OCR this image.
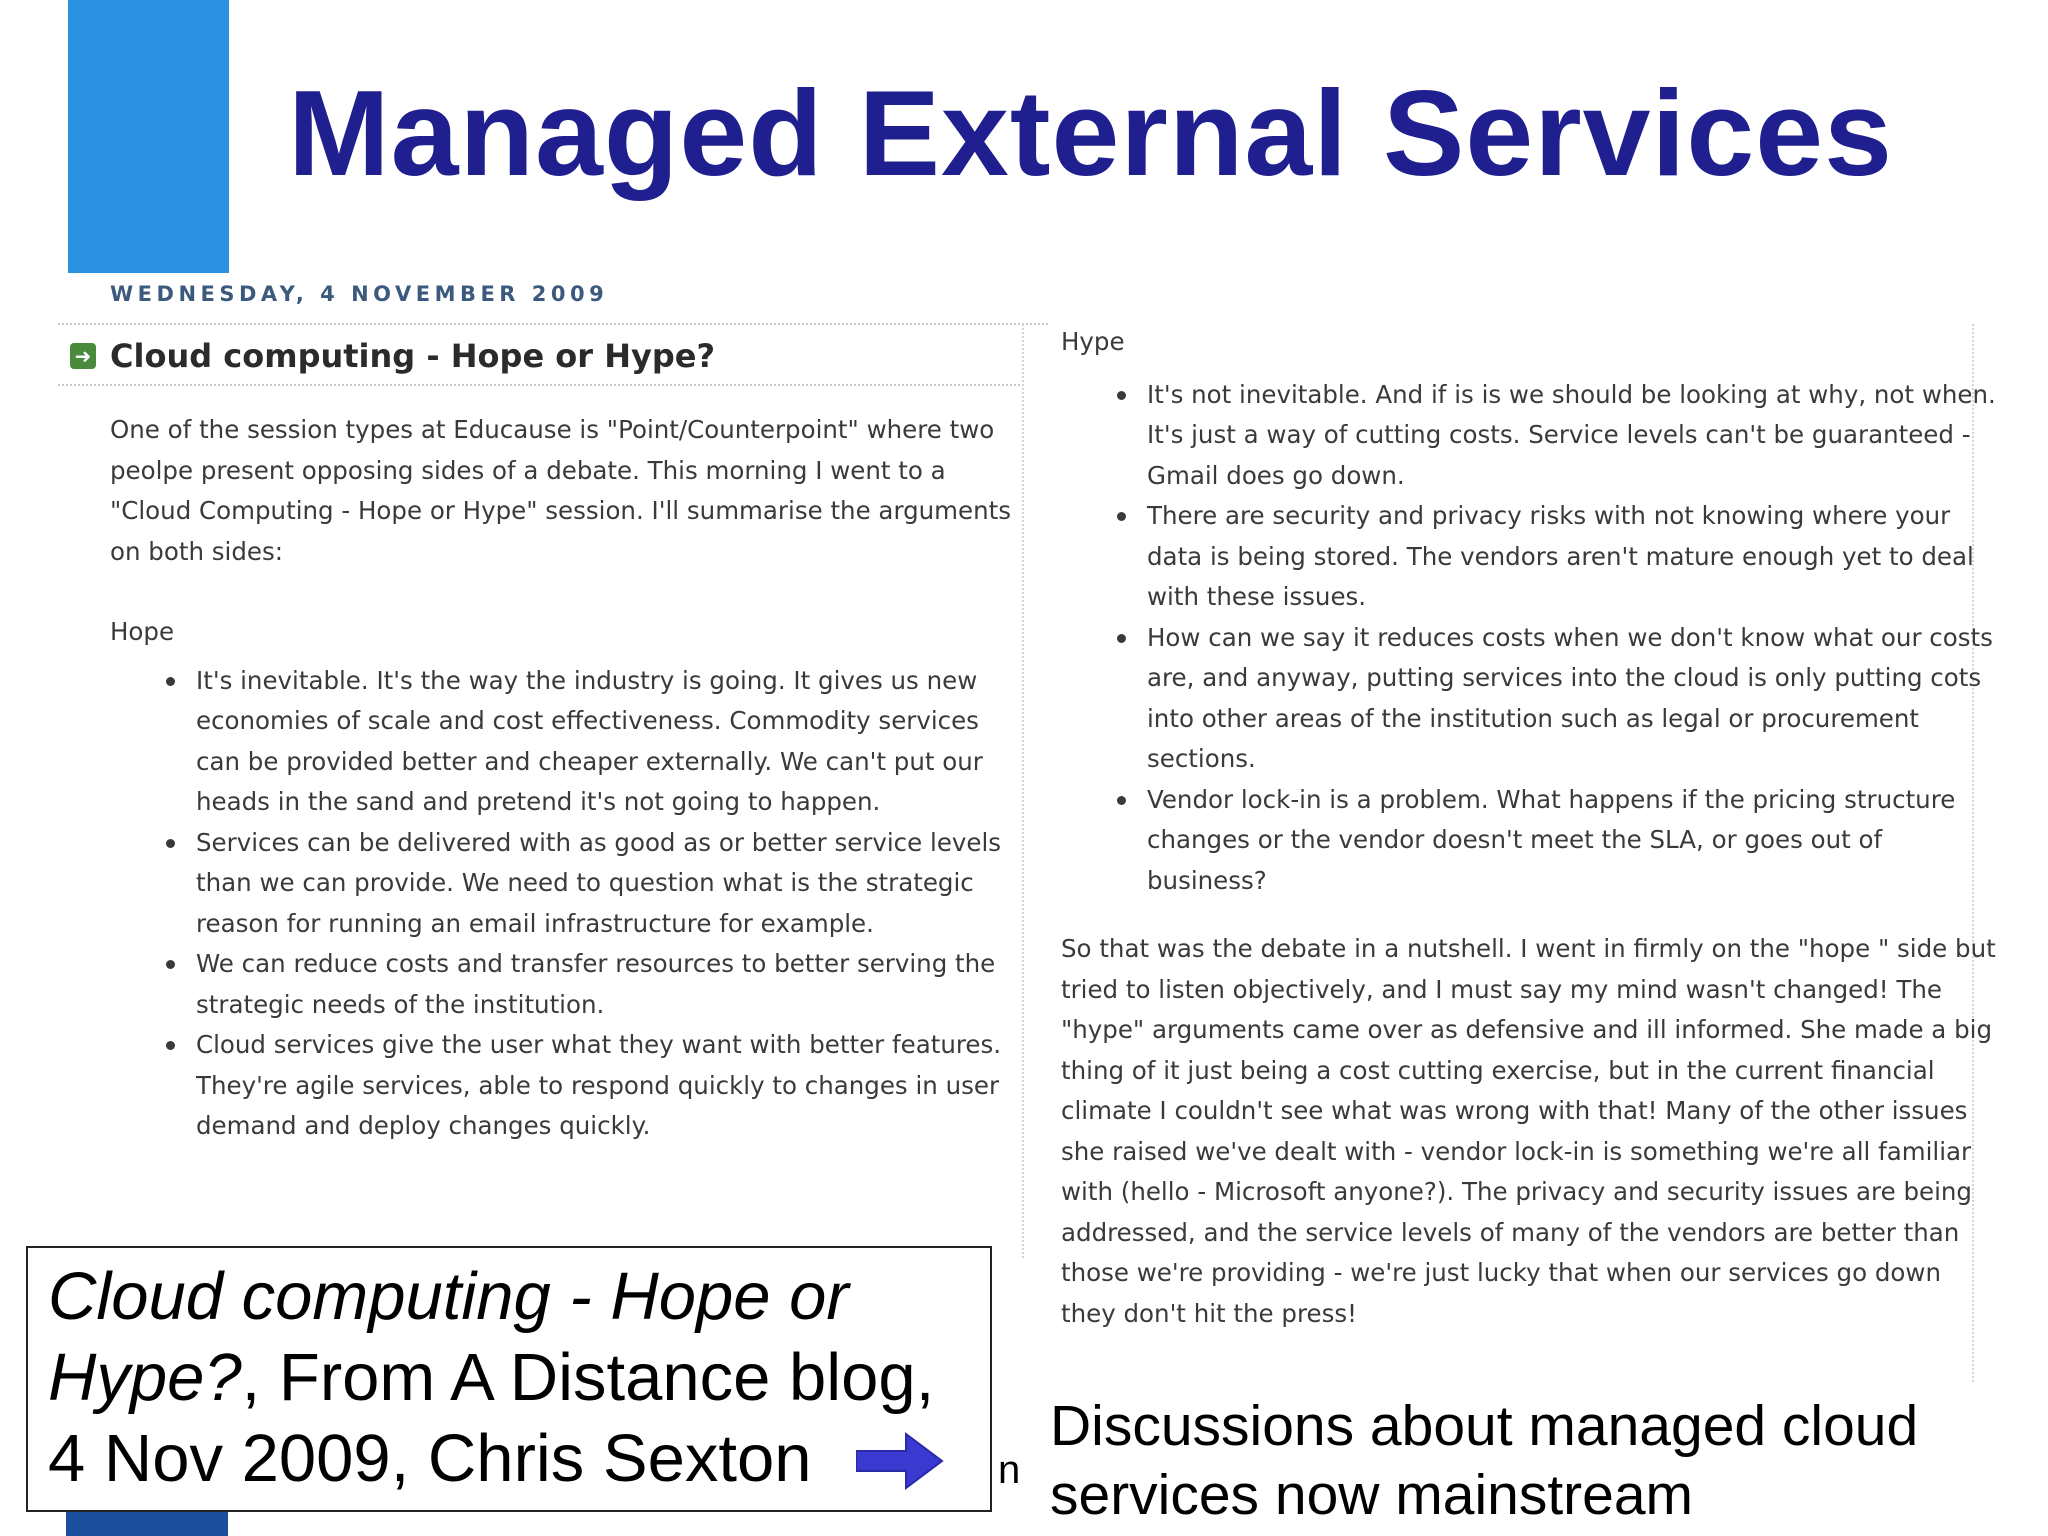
Managed External Services
WEDNESDAY, 4 NOVEMBER 2009
➜ Cloud computing - Hope or Hype?

One of the session types at Educause is "Point/Counterpoint" where two peolpe present opposing sides of a debate. This morning I went to a "Cloud Computing - Hope or Hype" session. I'll summarise the arguments on both sides:

Hope

It's inevitable. It's the way the industry is going. It gives us new economies of scale and cost effectiveness. Commodity services can be provided better and cheaper externally. We can't put our heads in the sand and pretend it's not going to happen.
Services can be delivered with as good as or better service levels than we can provide. We need to question what is the strategic reason for running an email infrastructure for example.
We can reduce costs and transfer resources to better serving the strategic needs of the institution.
Cloud services give the user what they want with better features. They're agile services, able to respond quickly to changes in user demand and deploy changes quickly.

Hype

It's not inevitable. And if is is we should be looking at why, not when. It's just a way of cutting costs. Service levels can't be guaranteed - Gmail does go down.
There are security and privacy risks with not knowing where your data is being stored. The vendors aren't mature enough yet to deal with these issues.
How can we say it reduces costs when we don't know what our costs are, and anyway, putting services into the cloud is only putting cots into other areas of the institution such as legal or procurement sections.
Vendor lock-in is a problem. What happens if the pricing structure changes or the vendor doesn't meet the SLA, or goes out of business?

So that was the debate in a nutshell. I went in firmly on the "hope " side but tried to listen objectively, and I must say my mind wasn't changed! The "hype" arguments came over as defensive and ill informed. She made a big thing of it just being a cost cutting exercise, but in the current financial climate I couldn't see what was wrong with that! Many of the other issues she raised we've dealt with - vendor lock-in is something we're all familiar with (hello - Microsoft anyone?). The privacy and security issues are being addressed, and the service levels of many of the vendors are better than those we're providing - we're just lucky that when our services go down they don't hit the press!

Cloud computing - Hope or Hype?, From A Distance blog, 4 Nov 2009, Chris Sexton	n

Discussions about managed cloud services now mainstream
